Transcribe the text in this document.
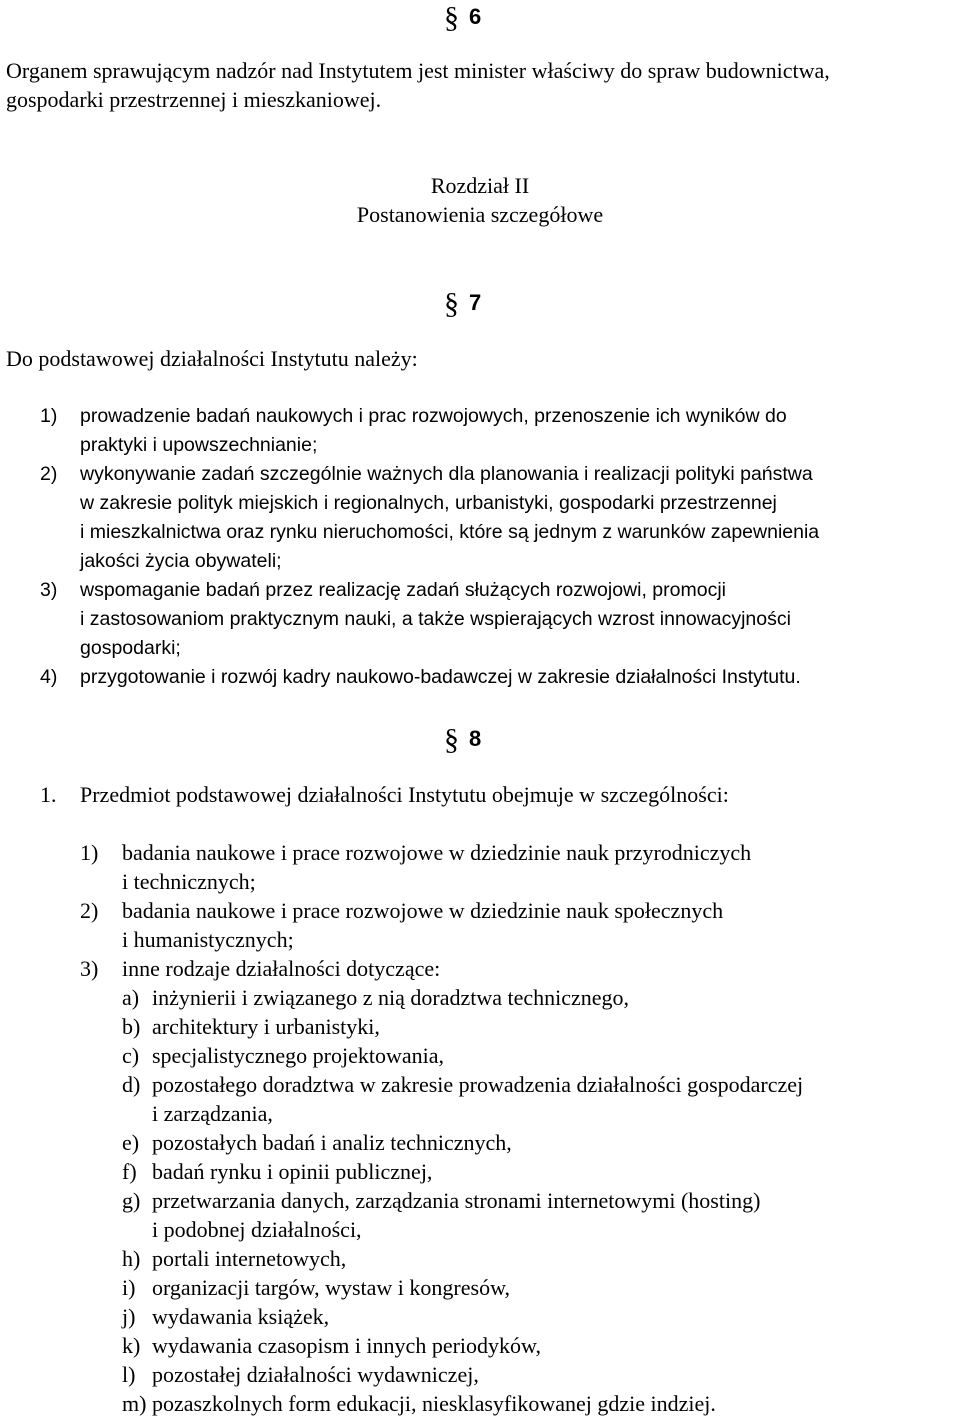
§ 6
Organem sprawującym nadzór nad Instytutem jest minister właściwy do spraw budownictwa,
gospodarki przestrzennej i mieszkaniowej.
Rozdział II
Postanowienia szczegółowe
§ 7
Do podstawowej działalności Instytutu należy:
1) prowadzenie badań naukowych i prac rozwojowych, przenoszenie ich wyników do
praktyki i upowszechnianie;
2) wykonywanie zadań szczególnie ważnych dla planowania i realizacji polityki państwa
w zakresie polityk miejskich i regionalnych, urbanistyki, gospodarki przestrzennej
i mieszkalnictwa oraz rynku nieruchomości, które są jednym z warunków zapewnienia
jakości życia obywateli;
3) wspomaganie badań przez realizację zadań służących rozwojowi, promocji
i zastosowaniom praktycznym nauki, a także wspierających wzrost innowacyjności
gospodarki;
4) przygotowanie i rozwój kadry naukowo-badawczej w zakresie działalności Instytutu.
§ 8
1. Przedmiot podstawowej działalności Instytutu obejmuje w szczególności:
1) badania naukowe i prace rozwojowe w dziedzinie nauk przyrodniczych
i technicznych;
2) badania naukowe i prace rozwojowe w dziedzinie nauk społecznych
i humanistycznych;
3) inne rodzaje działalności dotyczące:
a) inżynierii i związanego z nią doradztwa technicznego,
b) architektury i urbanistyki,
c) specjalistycznego projektowania,
d) pozostałego doradztwa w zakresie prowadzenia działalności gospodarczej
i zarządzania,
e) pozostałych badań i analiz technicznych,
f) badań rynku i opinii publicznej,
g) przetwarzania danych, zarządzania stronami internetowymi (hosting)
i podobnej działalności,
h) portali internetowych,
i) organizacji targów, wystaw i kongresów,
j) wydawania książek,
k) wydawania czasopism i innych periodyków,
l) pozostałej działalności wydawniczej,
m) pozaszkolnych form edukacji, niesklasyfikowanej gdzie indziej.
